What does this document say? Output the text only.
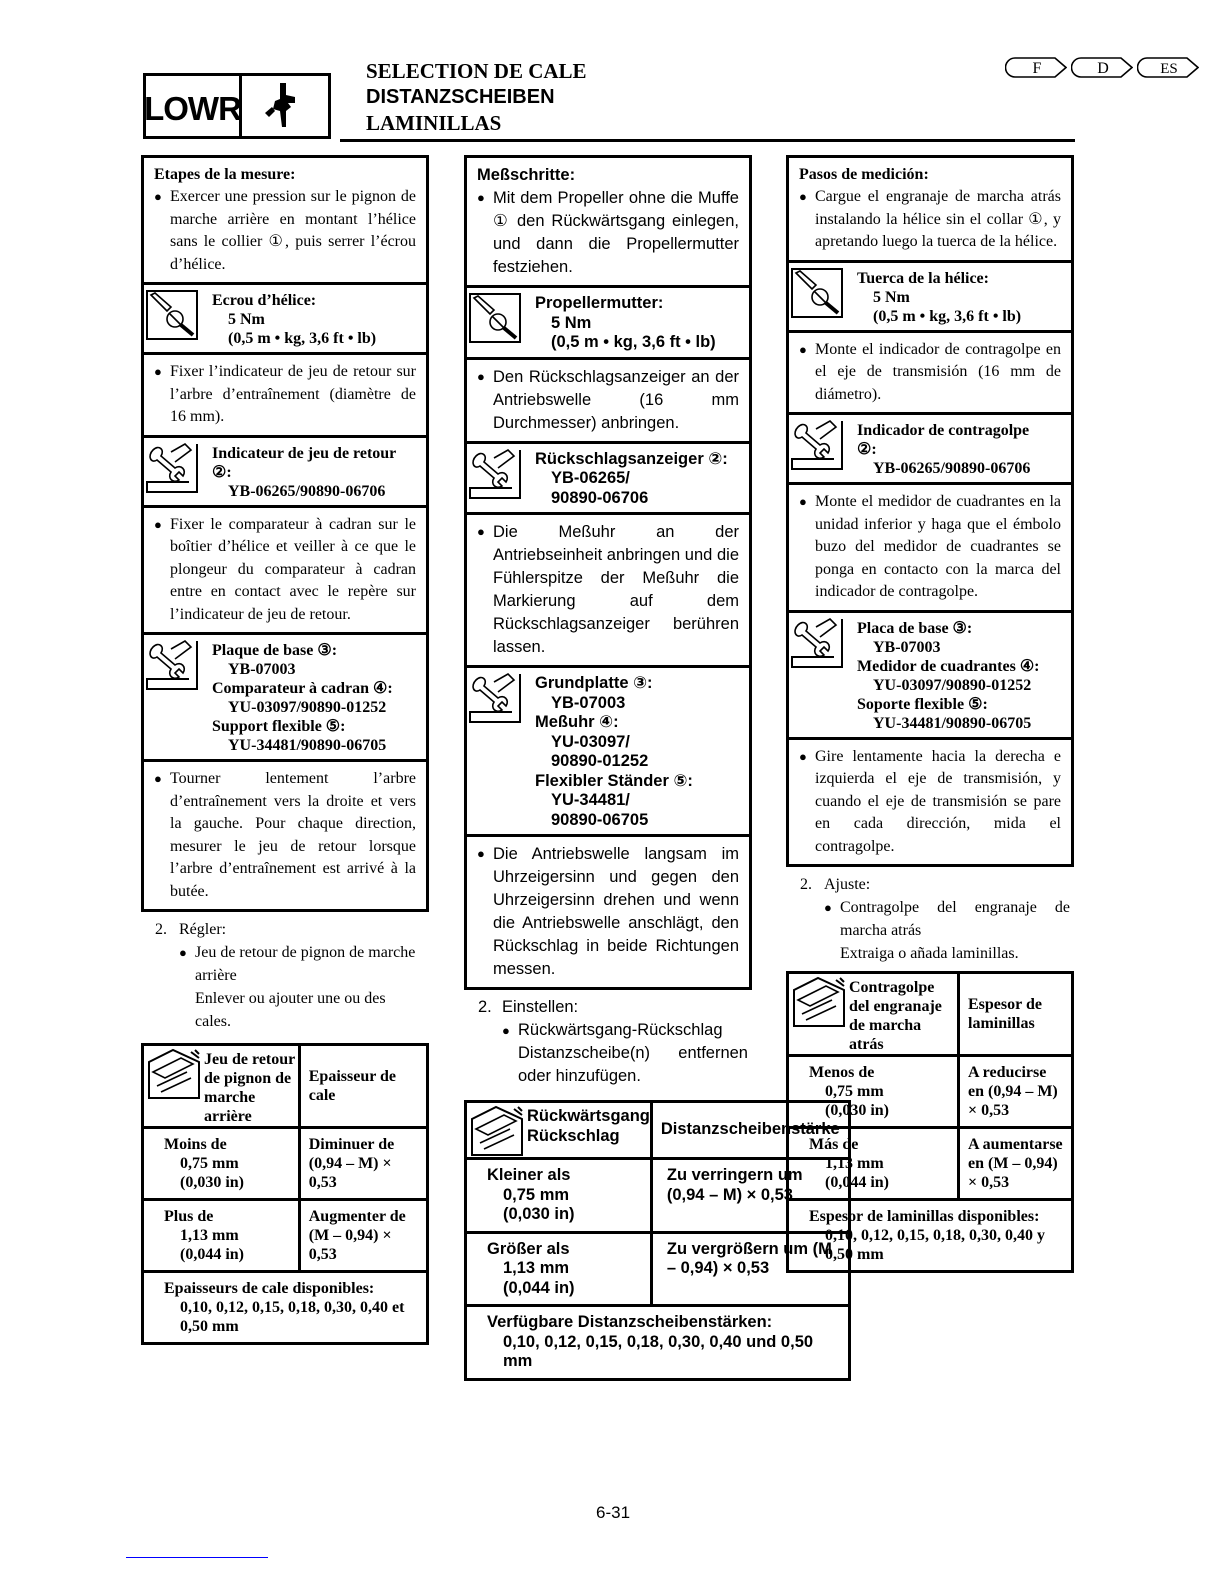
LOWR
SELECTION DE CALE
DISTANZSCHEIBEN
LAMINILLAS
F
	D
	ES
Etapes de la mesure:
● Exercer une pression sur le pignon de marche arrière en montant l’hélice sans le collier ①, puis serrer l’écrou d’hélice.
Ecrou d’hélice:
5 Nm
(0,5 m • kg, 3,6 ft • lb)
● Fixer l’indicateur de jeu de retour sur l’arbre d’entraînement (diamètre de 16 mm).
Indicateur de jeu de retour
②:
YB-06265/90890-06706
● Fixer le comparateur à cadran sur le boîtier d’hélice et veiller à ce que le plongeur du comparateur à cadran entre en contact avec le repère sur l’indicateur de jeu de retour.
Plaque de base ③:
YB-07003
Comparateur à cadran ④:
YU-03097/90890-01252
Support flexible ⑤:
YU-34481/90890-06705
● Tourner lentement l’arbre d’entraînement vers la droite et vers la gauche. Pour chaque direction, mesurer le jeu de retour lorsque l’arbre d’entraînement est arrivé à la butée.
2. Régler:
● Jeu de retour de pignon de marche arrière
Enlever ou ajouter une ou des cales.
Jeu de retour de pignon de marche arrière	Epaisseur de cale

Moins de
0,75 mm
(0,030 in)	Diminuer de (0,94 – M) × 0,53

Plus de
1,13 mm
(0,044 in)	Augmenter de (M – 0,94) × 0,53

Epaisseurs de cale disponibles:
0,10, 0,12, 0,15, 0,18, 0,30, 0,40 et 0,50 mm	
Meßschritte:
● Mit dem Propeller ohne die Muffe ① den Rückwärtsgang einlegen, und dann die Propellermutter festziehen.
Propellermutter:
5 Nm
(0,5 m • kg, 3,6 ft • lb)
● Den Rückschlagsanzeiger an der Antriebswelle (16 mm Durchmesser) anbringen.
Rückschlagsanzeiger ②:
YB-06265/
90890-06706
● Die Meßuhr an der Antriebseinheit anbringen und die Fühlerspitze der Meßuhr die Markierung auf dem Rückschlagsanzeiger berühren lassen.
Grundplatte ③:
YB-07003
Meßuhr ④:
YU-03097/
90890-01252
Flexibler Ständer ⑤:
YU-34481/
90890-06705
● Die Antriebswelle langsam im Uhrzeigersinn und gegen den Uhrzeigersinn drehen und wenn die Antriebswelle anschlägt, den Rückschlag in beide Richtungen messen.
2. Einstellen:
● Rückwärtsgang-Rückschlag Distanzscheibe(n) entfernen oder hinzufügen.
Rückwärtsgang Rückschlag	Distanzscheibenstärke

Kleiner als
0,75 mm
(0,030 in)	Zu verringern um (0,94 – M) × 0,53

Größer als
1,13 mm
(0,044 in)	Zu vergrößern um (M – 0,94) × 0,53

Verfügbare Distanzscheibenstärken:
0,10, 0,12, 0,15, 0,18, 0,30, 0,40 und 0,50 mm	
Pasos de medición:
● Cargue el engranaje de marcha atrás instalando la hélice sin el collar ①, y apretando luego la tuerca de la hélice.
Tuerca de la hélice:
5 Nm
(0,5 m • kg, 3,6 ft • lb)
● Monte el indicador de contragolpe en el eje de transmisión (16 mm de diámetro).
Indicador de contragolpe
②:
YB-06265/90890-06706
● Monte el medidor de cuadrantes en la unidad inferior y haga que el émbolo buzo del medidor de cuadrantes se ponga en contacto con la marca del indicador de contragolpe.
Placa de base ③:
YB-07003
Medidor de cuadrantes ④:
YU-03097/90890-01252
Soporte flexible ⑤:
YU-34481/90890-06705
● Gire lentamente hacia la derecha e izquierda el eje de transmisión, y cuando el eje de transmisión se pare en cada dirección, mida el contragolpe.
2. Ajuste:
● Contragolpe del engranaje de marcha atrás
Extraiga o añada laminillas.
Contragolpe del engranaje de marcha atrás	Espesor de laminillas

Menos de
0,75 mm
(0,030 in)	A reducirse en (0,94 – M) × 0,53

Más de
1,13 mm
(0,044 in)	A aumentarse en (M – 0,94) × 0,53

Espesor de laminillas disponibles:
0,10, 0,12, 0,15, 0,18, 0,30, 0,40 y 0,50 mm	
6-31
